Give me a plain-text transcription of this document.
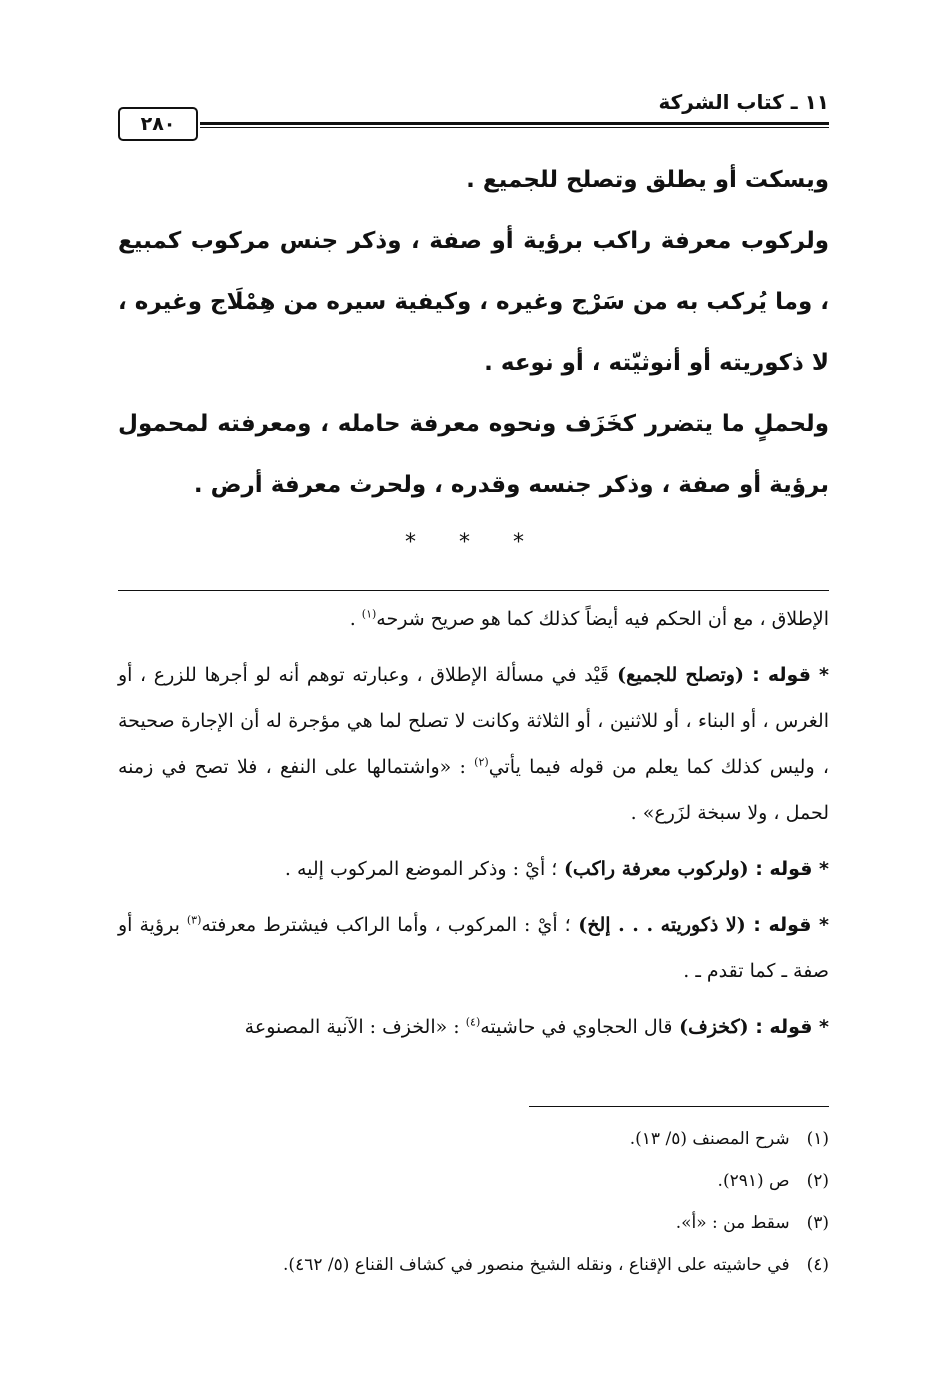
١١ ـ كتاب الشركة
٢٨٠

ويسكت أو يطلق وتصلح للجميع .

ولركوب معرفة راكب برؤية أو صفة ، وذكر جنس مركوب كمبيع ، وما يُركب به من سَرْج وغيره ، وكيفية سيره من هِمْلَاج وغيره ، لا ذكوريته أو أنوثيّته ، أو نوعه .

ولحملٍ ما يتضرر كخَزَف ونحوه معرفة حامله ، ومعرفته لمحمول برؤية أو صفة ، وذكر جنسه وقدره ، ولحرث معرفة أرض .

* * *

الإطلاق ، مع أن الحكم فيه أيضاً كذلك كما هو صريح شرحه$^{(١)}$ .

* قوله : (وتصلح للجميع) قَيْد في مسألة الإطلاق ، وعبارته توهم أنه لو أجرها للزرع ، أو الغرس ، أو البناء ، أو للاثنين ، أو الثلاثة وكانت لا تصلح لما هي مؤجرة له أن الإجارة صحيحة ، وليس كذلك كما يعلم من قوله فيما يأتي$^{(٢)}$ : «واشتمالها على النفع ، فلا تصح في زمنه لحمل ، ولا سبخة لزَرع» .

* قوله : (ولركوب معرفة راكب) ؛ أيْ : وذكر الموضع المركوب إليه .

* قوله : (لا ذكوريته . . . إلخ) ؛ أيْ : المركوب ، وأما الراكب فيشترط معرفته$^{(٣)}$ برؤية أو صفة ـ كما تقدم ـ .

* قوله : (كخزف) قال الحجاوي في حاشيته$^{(٤)}$ : «الخزف : الآنية المصنوعة

(١) شرح المصنف (٥/ ١٣).
(٢) ص (٢٩١).
(٣) سقط من : «أ».
(٤) في حاشيته على الإقناع ، ونقله الشيخ منصور في كشاف القناع (٥/ ٤٦٢).
